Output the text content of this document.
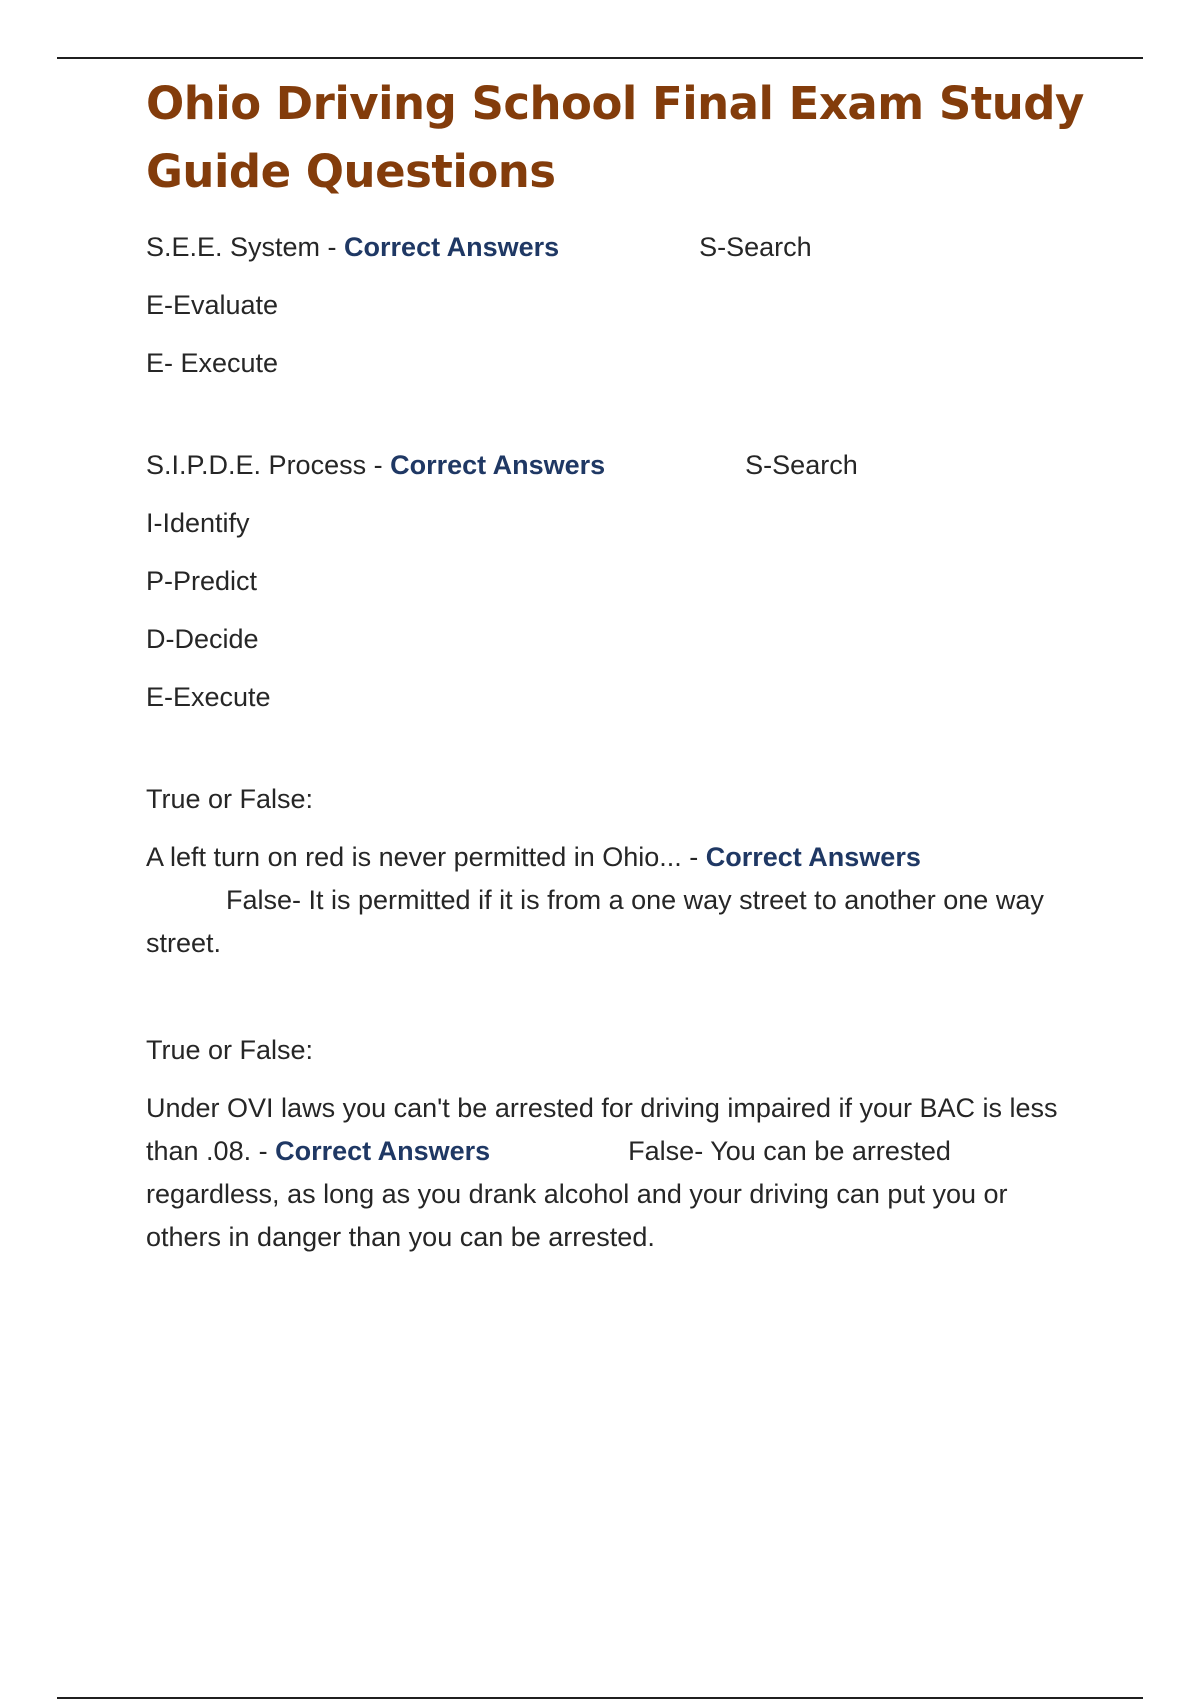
Ohio Driving School Final Exam Study Guide Questions

S.E.E. System - Correct Answers	S-Search

E-Evaluate

E- Execute

S.I.P.D.E. Process - Correct Answers	S-Search

I-Identify

P-Predict

D-Decide

E-Execute

True or False:

A left turn on red is never permitted in Ohio... - Correct Answers
False- It is permitted if it is from a one way street to another one way street.

True or False:

Under OVI laws you can't be arrested for driving impaired if your BAC is less than .08. - Correct Answers	False- You can be arrested regardless, as long as you drank alcohol and your driving can put you or others in danger than you can be arrested.
